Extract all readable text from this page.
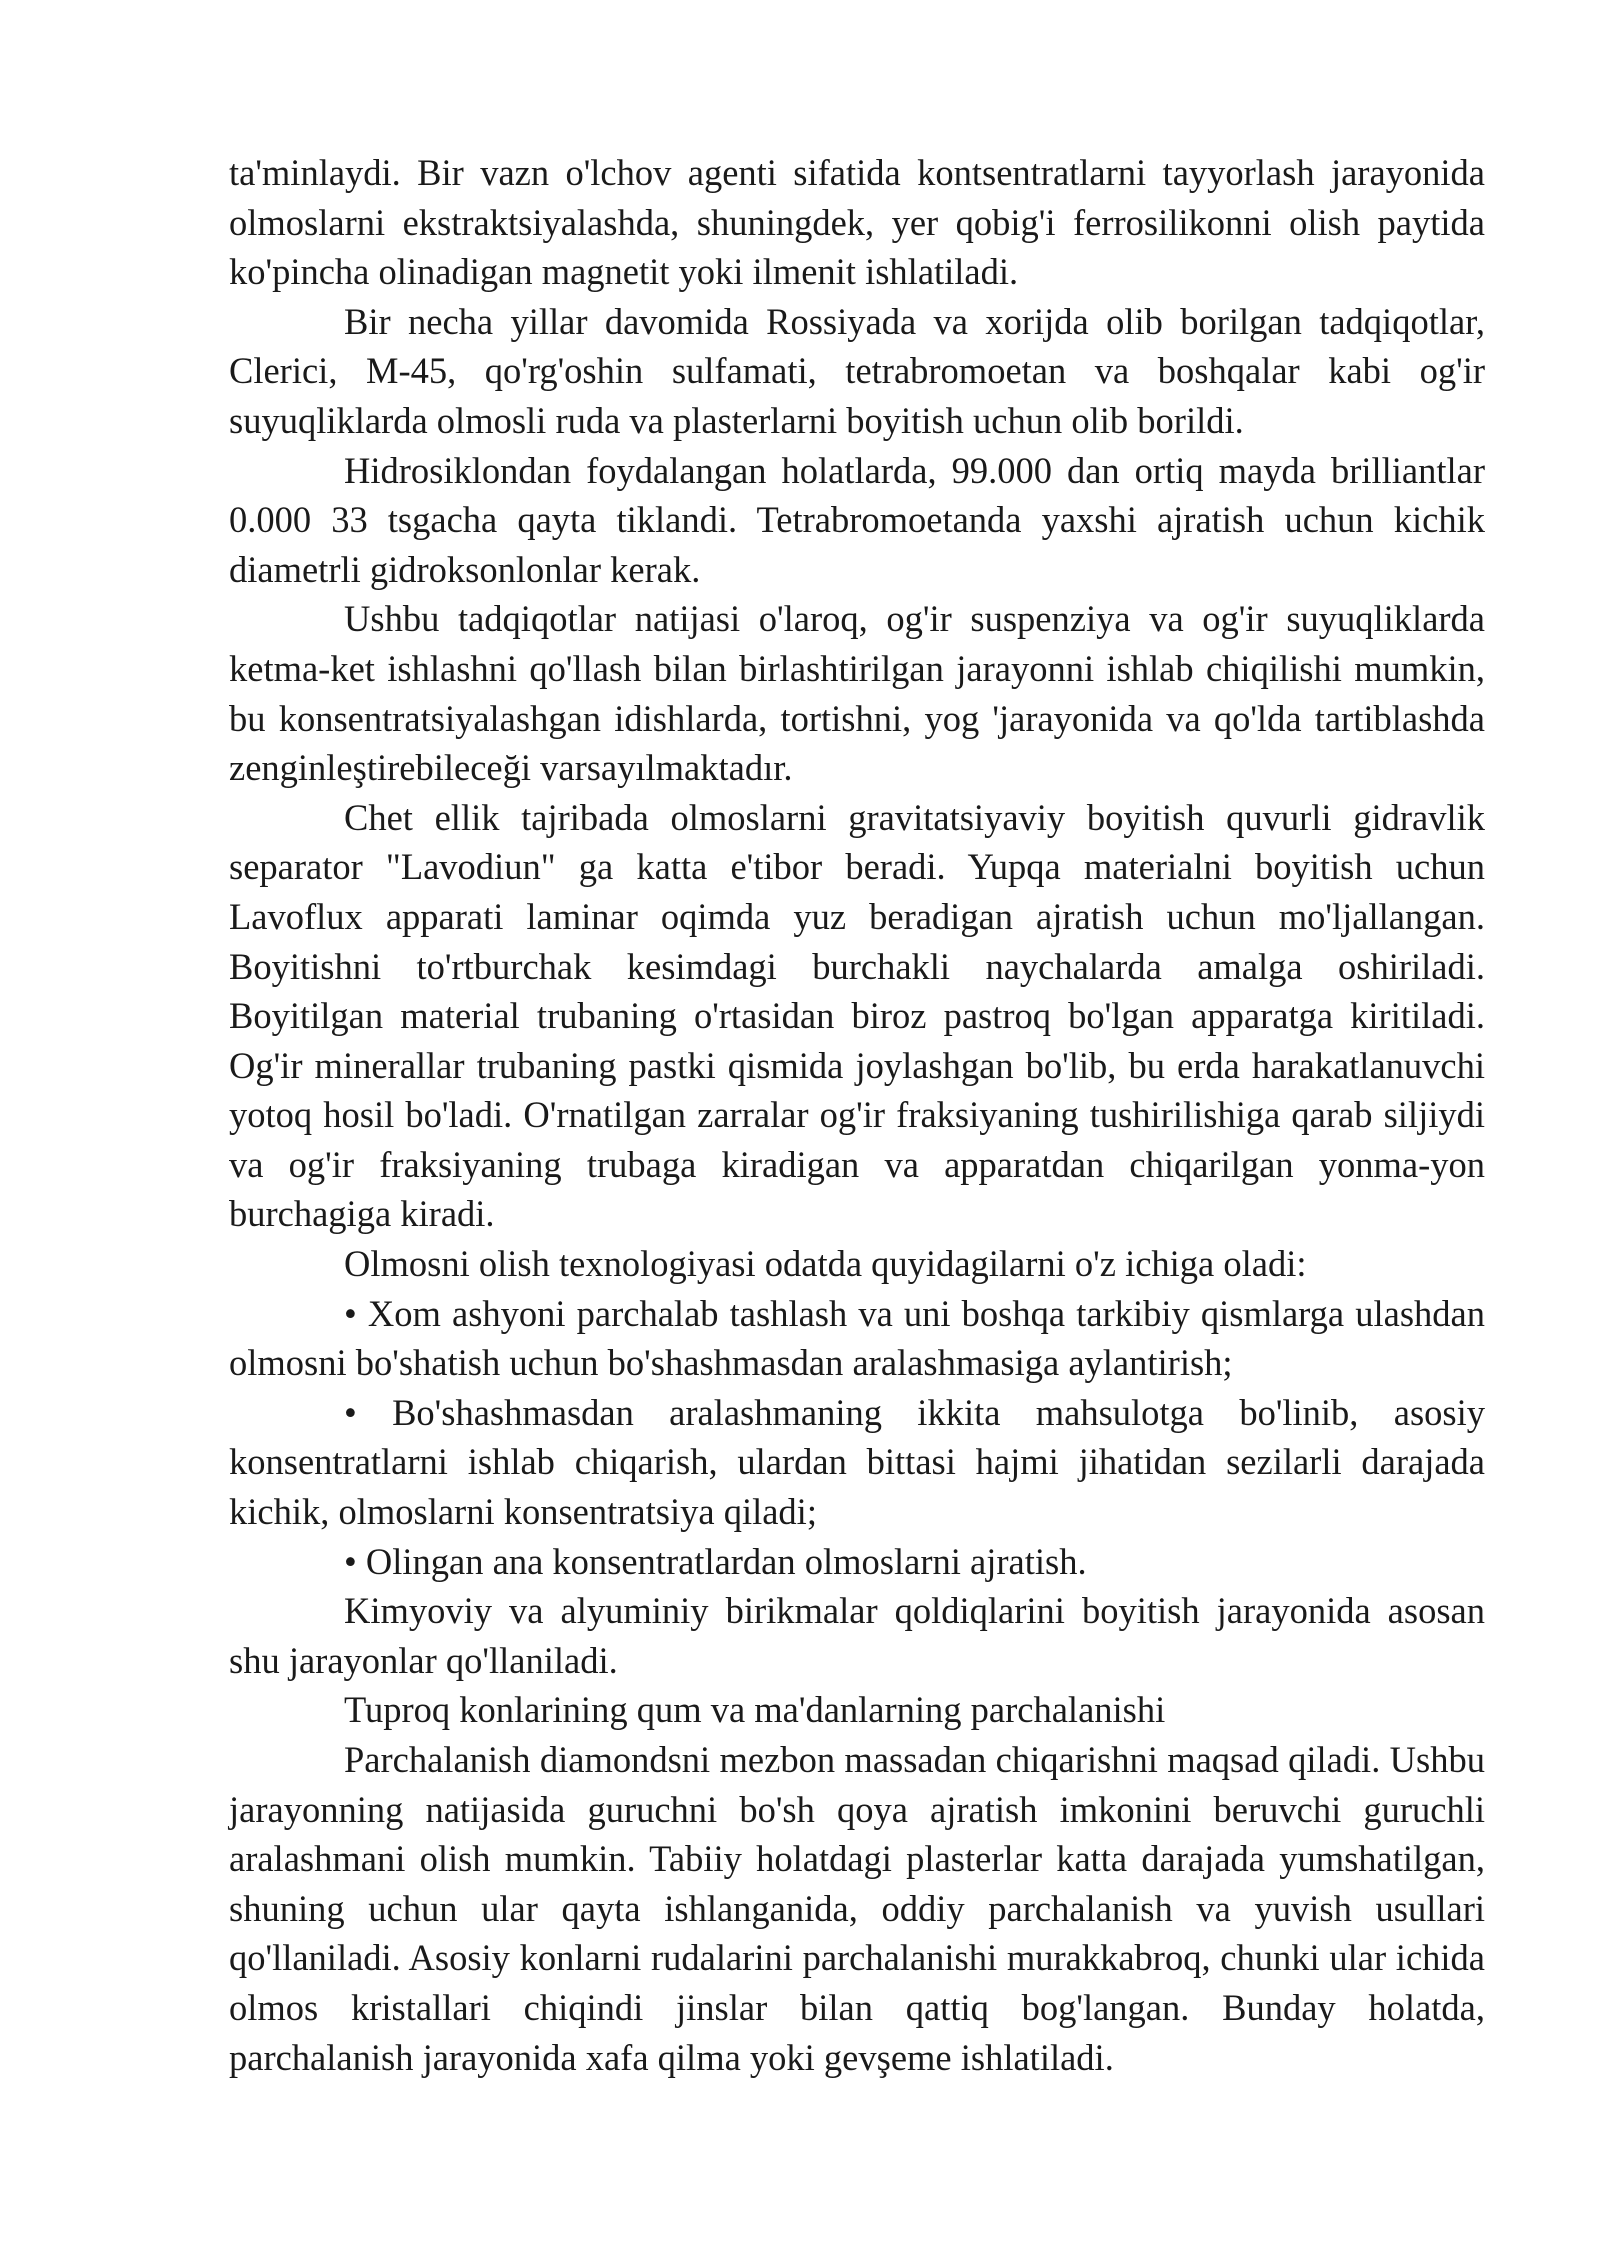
ta'minlaydi. Bir vazn o'lchov agenti sifatida kontsentratlarni tayyorlash jarayonida olmoslarni ekstraktsiyalashda, shuningdek, yer qobig'i ferrosilikonni olish paytida ko'pincha olinadigan magnetit yoki ilmenit ishlatiladi.

Bir necha yillar davomida Rossiyada va xorijda olib borilgan tadqiqotlar, Clerici, M-45, qo'rg'oshin sulfamati, tetrabromoetan va boshqalar kabi og'ir suyuqliklarda olmosli ruda va plasterlarni boyitish uchun olib borildi.

Hidrosiklondan foydalangan holatlarda, 99.000 dan ortiq mayda brilliantlar 0.000 33 tsgacha qayta tiklandi. Tetrabromoetanda yaxshi ajratish uchun kichik diametrli gidroksonlonlar kerak.

Ushbu tadqiqotlar natijasi o'laroq, og'ir suspenziya va og'ir suyuqliklarda ketma-ket ishlashni qo'llash bilan birlashtirilgan jarayonni ishlab chiqilishi mumkin, bu konsentratsiyalashgan idishlarda, tortishni, yog 'jarayonida va qo'lda tartiblashda zenginleştirebileceği varsayılmaktadır.

Chet ellik tajribada olmoslarni gravitatsiyaviy boyitish quvurli gidravlik separator "Lavodiun" ga katta e'tibor beradi. Yupqa materialni boyitish uchun Lavoflux apparati laminar oqimda yuz beradigan ajratish uchun mo'ljallangan. Boyitishni to'rtburchak kesimdagi burchakli naychalarda amalga oshiriladi. Boyitilgan material trubaning o'rtasidan biroz pastroq bo'lgan apparatga kiritiladi. Og'ir minerallar trubaning pastki qismida joylashgan bo'lib, bu erda harakatlanuvchi yotoq hosil bo'ladi. O'rnatilgan zarralar og'ir fraksiyaning tushirilishiga qarab siljiydi va og'ir fraksiyaning trubaga kiradigan va apparatdan chiqarilgan yonma-yon burchagiga kiradi.

Olmosni olish texnologiyasi odatda quyidagilarni o'z ichiga oladi:

• Xom ashyoni parchalab tashlash va uni boshqa tarkibiy qismlarga ulashdan olmosni bo'shatish uchun bo'shashmasdan aralashmasiga aylantirish;

• Bo'shashmasdan aralashmaning ikkita mahsulotga bo'linib, asosiy konsentratlarni ishlab chiqarish, ulardan bittasi hajmi jihatidan sezilarli darajada kichik, olmoslarni konsentratsiya qiladi;

• Olingan ana konsentratlardan olmoslarni ajratish.

Kimyoviy va alyuminiy birikmalar qoldiqlarini boyitish jarayonida asosan shu jarayonlar qo'llaniladi.

Tuproq konlarining qum va ma'danlarning parchalanishi

Parchalanish diamondsni mezbon massadan chiqarishni maqsad qiladi. Ushbu jarayonning natijasida guruchni bo'sh qoya ajratish imkonini beruvchi guruchli aralashmani olish mumkin. Tabiiy holatdagi plasterlar katta darajada yumshatilgan, shuning uchun ular qayta ishlanganida, oddiy parchalanish va yuvish usullari qo'llaniladi. Asosiy konlarni rudalarini parchalanishi murakkabroq, chunki ular ichida olmos kristallari chiqindi jinslar bilan qattiq bog'langan. Bunday holatda, parchalanish jarayonida xafa qilma yoki gevşeme ishlatiladi.
